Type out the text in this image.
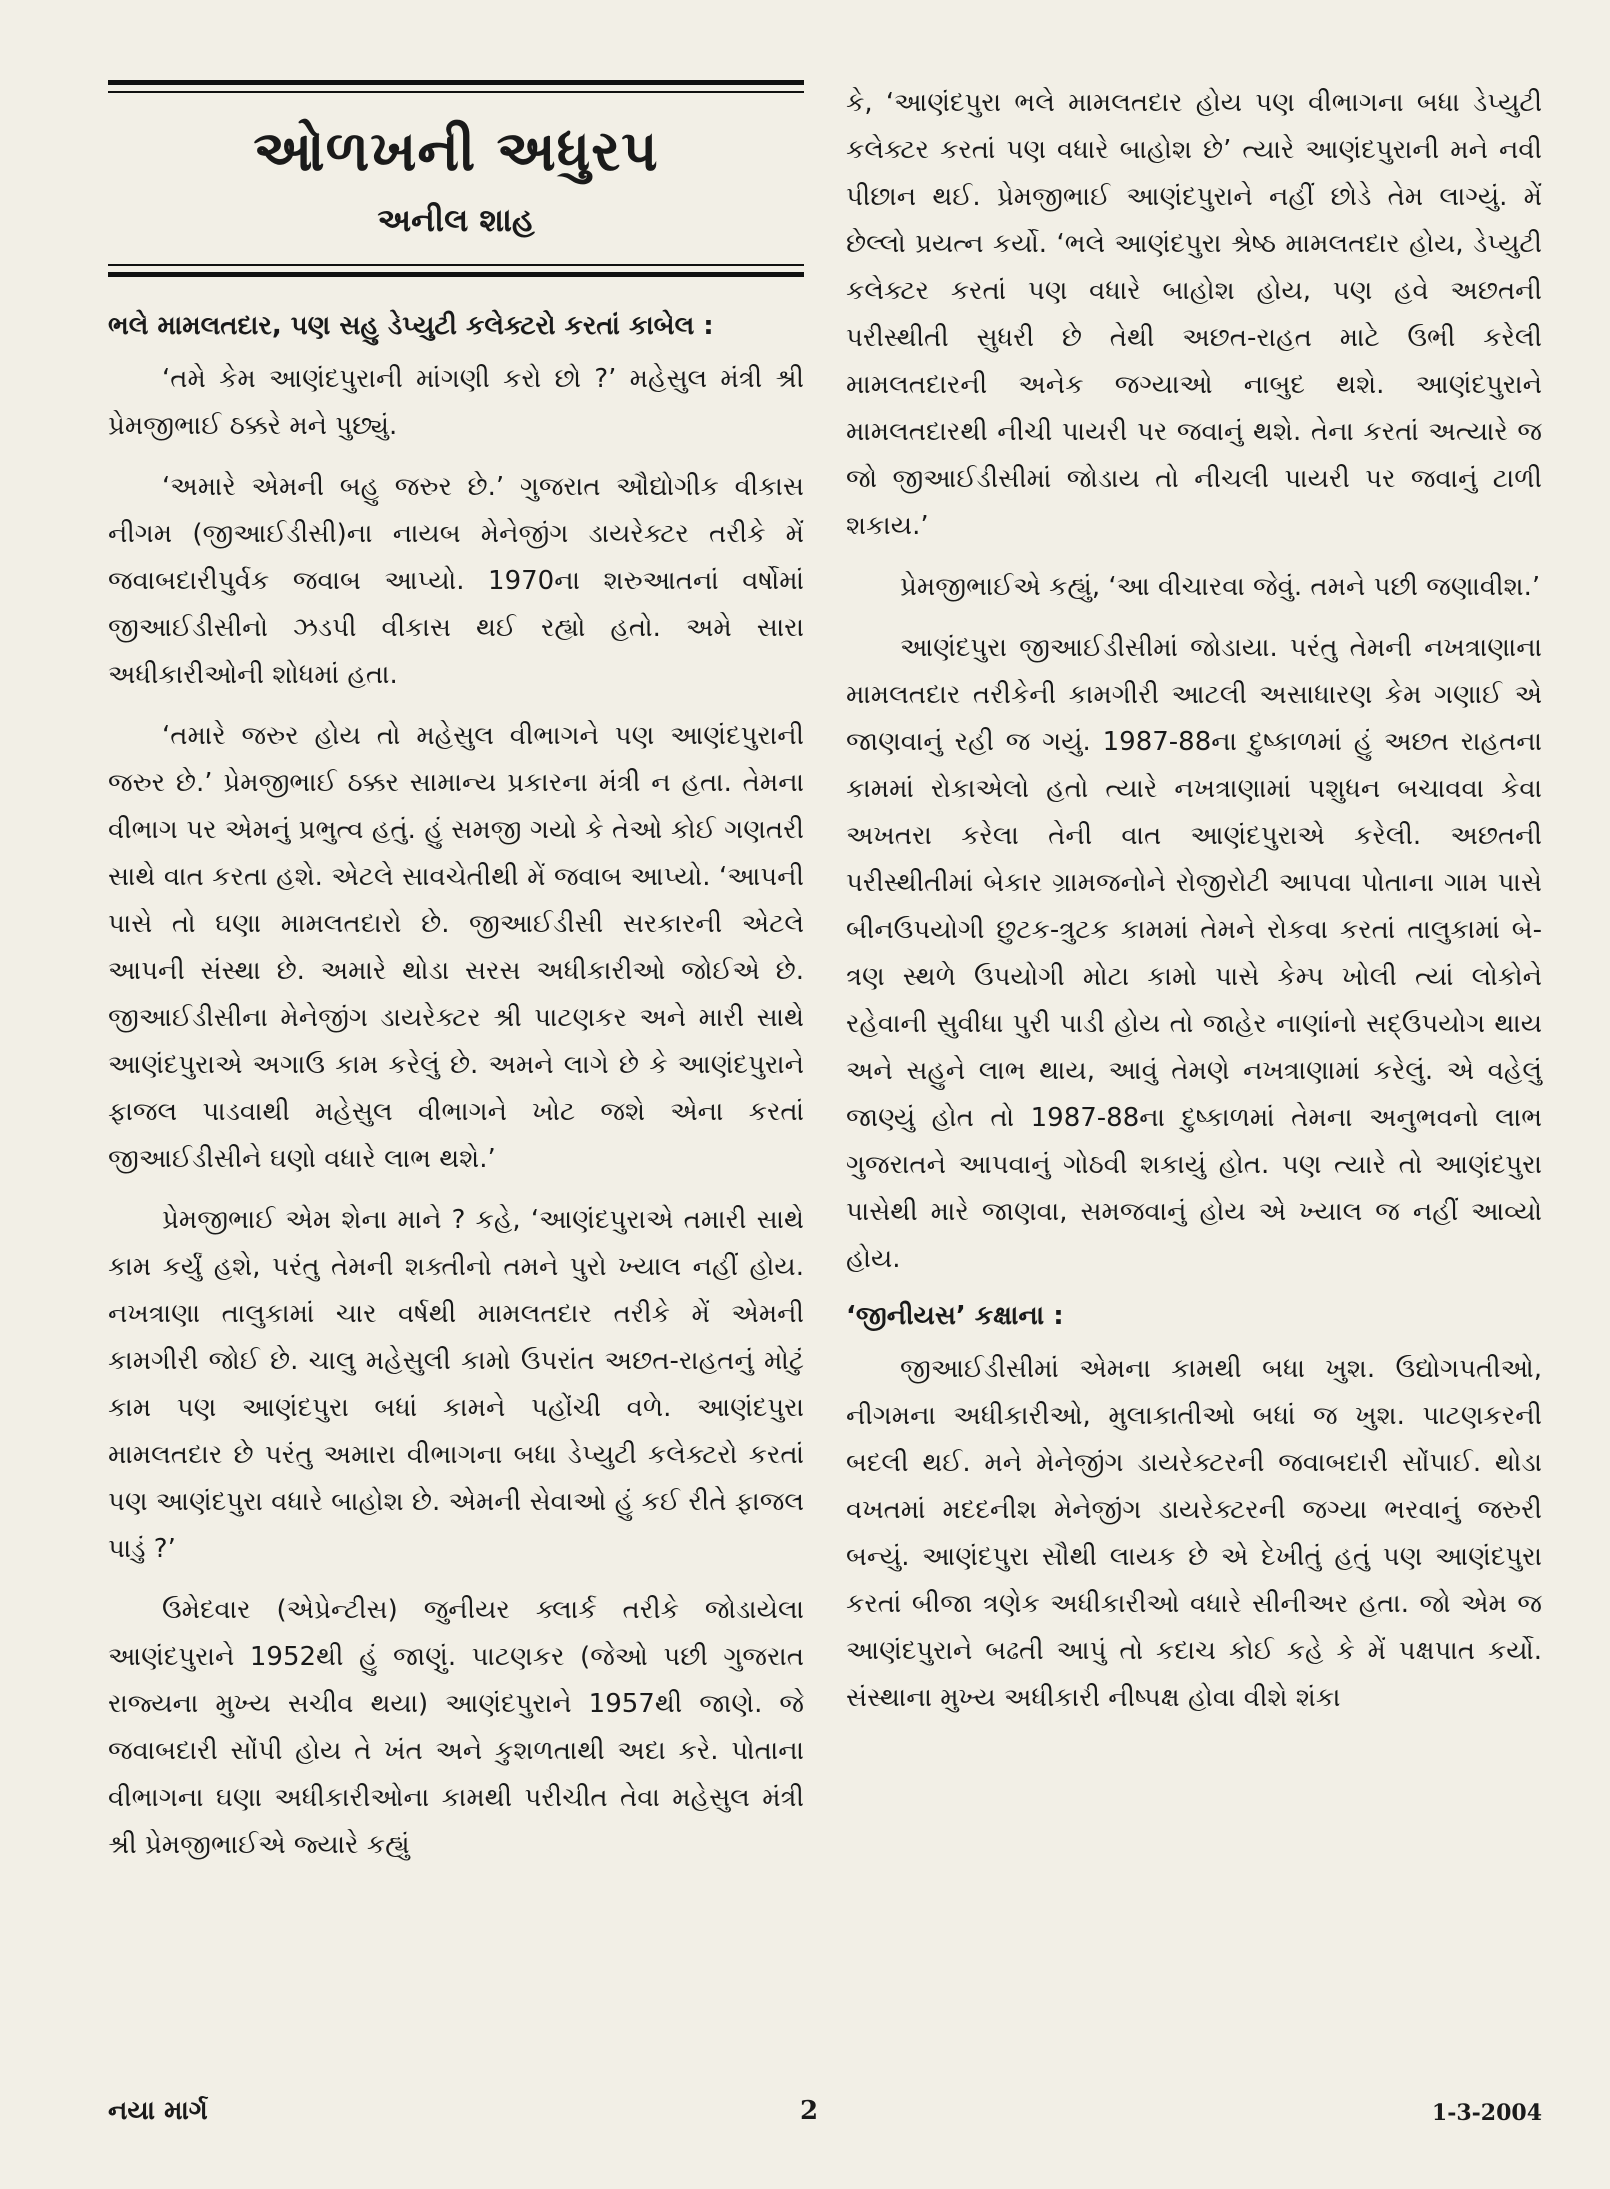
ઓળખની અધુરપ
અનીલ શાહ
ભલે મામલતદાર, પણ સહુ ડેપ્યુટી કલેક્ટરો કરતાં કાબેલ :

‘તમે કેમ આણંદપુરાની માંગણી કરો છો ?’ મહેસુલ મંત્રી શ્રી પ્રેમજીભાઈ ઠક્કરે મને પુછ્યું.

‘અમારે એમની બહુ જરુર છે.’ ગુજરાત ઔદ્યોગીક વીકાસ નીગમ (જીઆઈડીસી)ના નાયબ મેનેજીંગ ડાયરેક્ટર તરીકે મેં જવાબદારીપુર્વક જવાબ આપ્યો. 1970ના શરુઆતનાં વર્ષોમાં જીઆઈડીસીનો ઝડપી વીકાસ થઈ રહ્યો હતો. અમે સારા અધીકારીઓની શોધમાં હતા.

‘તમારે જરુર હોય તો મહેસુલ વીભાગને પણ આણંદપુરાની જરુર છે.’ પ્રેમજીભાઈ ઠક્કર સામાન્ય પ્રકારના મંત્રી ન હતા. તેમના વીભાગ પર એમનું પ્રભુત્વ હતું. હું સમજી ગયો કે તેઓ કોઈ ગણતરી સાથે વાત કરતા હશે. એટલે સાવચેતીથી મેં જવાબ આપ્યો. ‘આપની પાસે તો ઘણા મામલતદારો છે. જીઆઈડીસી સરકારની એટલે આપની સંસ્થા છે. અમારે થોડા સરસ અધીકારીઓ જોઈએ છે. જીઆઈડીસીના મેનેજીંગ ડાયરેક્ટર શ્રી પાટણકર અને મારી સાથે આણંદપુરાએ અગાઉ કામ કરેલું છે. અમને લાગે છે કે આણંદપુરાને ફાજલ પાડવાથી મહેસુલ વીભાગને ખોટ જશે એના કરતાં જીઆઈડીસીને ઘણો વધારે લાભ થશે.’

પ્રેમજીભાઈ એમ શેના માને ? કહે, ‘આણંદપુરાએ તમારી સાથે કામ કર્યું હશે, પરંતુ તેમની શક્તીનો તમને પુરો ખ્યાલ નહીં હોય. નખત્રાણા તાલુકામાં ચાર વર્ષથી મામલતદાર તરીકે મેં એમની કામગીરી જોઈ છે. ચાલુ મહેસુલી કામો ઉપરાંત અછત-રાહતનું મોટું કામ પણ આણંદપુરા બધાં કામને પહોંચી વળે. આણંદપુરા મામલતદાર છે પરંતુ અમારા વીભાગના બધા ડેપ્યુટી કલેક્ટરો કરતાં પણ આણંદપુરા વધારે બાહોશ છે. એમની સેવાઓ હું કઈ રીતે ફાજલ પાડું ?’

ઉમેદવાર (એપ્રેન્ટીસ) જુનીયર ક્લાર્ક તરીકે જોડાયેલા આણંદપુરાને 1952થી હું જાણું. પાટણકર (જેઓ પછી ગુજરાત રાજ્યના મુખ્ય સચીવ થયા) આણંદપુરાને 1957થી જાણે. જે જવાબદારી સોંપી હોય તે ખંત અને કુશળતાથી અદા કરે. પોતાના વીભાગના ઘણા અધીકારીઓના કામથી પરીચીત તેવા મહેસુલ મંત્રી શ્રી પ્રેમજીભાઈએ જ્યારે કહ્યું

કે, ‘આણંદપુરા ભલે મામલતદાર હોય પણ વીભાગના બધા ડેપ્યુટી કલેક્ટર કરતાં પણ વધારે બાહોશ છે’ ત્યારે આણંદપુરાની મને નવી પીછાન થઈ. પ્રેમજીભાઈ આણંદપુરાને નહીં છોડે તેમ લાગ્યું. મેં છેલ્લો પ્રયત્ન કર્યો. ‘ભલે આણંદપુરા શ્રેષ્ઠ મામલતદાર હોય, ડેપ્યુટી કલેક્ટર કરતાં પણ વધારે બાહોશ હોય, પણ હવે અછતની પરીસ્થીતી સુધરી છે તેથી અછત-રાહત માટે ઉભી કરેલી મામલતદારની અનેક જગ્યાઓ નાબુદ થશે. આણંદપુરાને મામલતદારથી નીચી પાયરી પર જવાનું થશે. તેના કરતાં અત્યારે જ જો જીઆઈડીસીમાં જોડાય તો નીચલી પાયરી પર જવાનું ટાળી શકાય.’

પ્રેમજીભાઈએ કહ્યું, ‘આ વીચારવા જેવું. તમને પછી જણાવીશ.’

આણંદપુરા જીઆઈડીસીમાં જોડાયા. પરંતુ તેમની નખત્રાણાના મામલતદાર તરીકેની કામગીરી આટલી અસાધારણ કેમ ગણાઈ એ જાણવાનું રહી જ ગયું. 1987-88ના દુષ્કાળમાં હું અછત રાહતના કામમાં રોકાએલો હતો ત્યારે નખત્રાણામાં પશુધન બચાવવા કેવા અખતરા કરેલા તેની વાત આણંદપુરાએ કરેલી. અછતની પરીસ્થીતીમાં બેકાર ગ્રામજનોને રોજીરોટી આપવા પોતાના ગામ પાસે બીનઉપયોગી છુટક-ત્રુટક કામમાં તેમને રોકવા કરતાં તાલુકામાં બે- ત્રણ સ્થળે ઉપયોગી મોટા કામો પાસે કેમ્પ ખોલી ત્યાં લોકોને રહેવાની સુવીધા પુરી પાડી હોય તો જાહેર નાણાંનો સદ્ઉપયોગ થાય અને સહુને લાભ થાય, આવું તેમણે નખત્રાણામાં કરેલું. એ વહેલું જાણ્યું હોત તો 1987-88ના દુષ્કાળમાં તેમના અનુભવનો લાભ ગુજરાતને આપવાનું ગોઠવી શકાયું હોત. પણ ત્યારે તો આણંદપુરા પાસેથી મારે જાણવા, સમજવાનું હોય એ ખ્યાલ જ નહીં આવ્યો હોય.

‘જીનીયસ’ કક્ષાના :

જીઆઈડીસીમાં એમના કામથી બધા ખુશ. ઉદ્યોગપતીઓ, નીગમના અધીકારીઓ, મુલાકાતીઓ બધાં જ ખુશ. પાટણકરની બદલી થઈ. મને મેનેજીંગ ડાયરેક્ટરની જવાબદારી સોંપાઈ. થોડા વખતમાં મદદનીશ મેનેજીંગ ડાયરેક્ટરની જગ્યા ભરવાનું જરુરી બન્યું. આણંદપુરા સૌથી લાયક છે એ દેખીતું હતું પણ આણંદપુરા કરતાં બીજા ત્રણેક અધીકારીઓ વધારે સીનીઅર હતા. જો એમ જ આણંદપુરાને બઢતી આપું તો કદાચ કોઈ કહે કે મેં પક્ષપાત કર્યો. સંસ્થાના મુખ્ય અધીકારી નીષ્પક્ષ હોવા વીશે શંકા

નયા માર્ગ	2	1-3-2004
